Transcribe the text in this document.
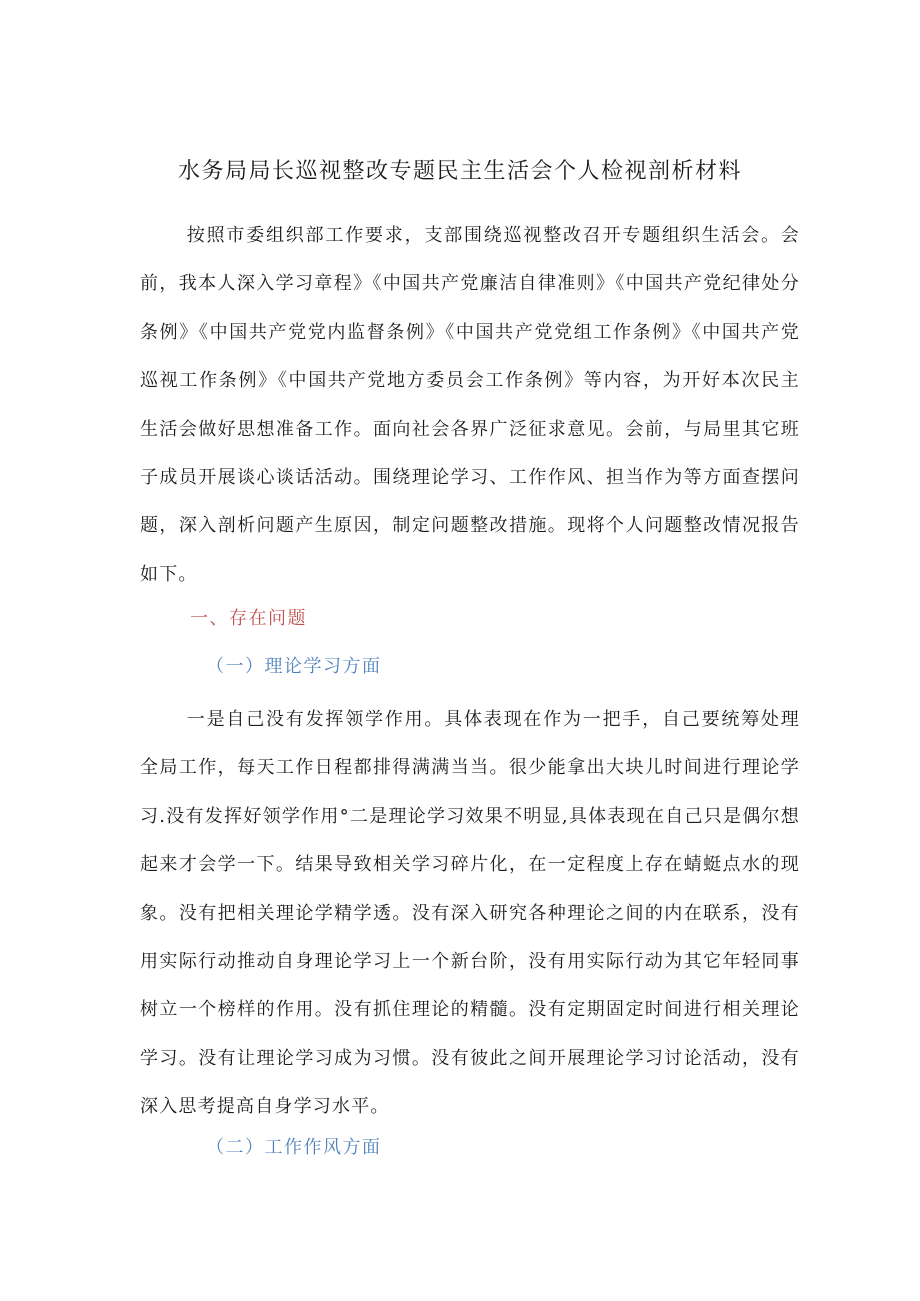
水务局局长巡视整改专题民主生活会个人检视剖析材料

按照市委组织部工作要求，支部围绕巡视整改召开专题组织生活会。会前，我本人深入学习章程》《中国共产党廉洁自律准则》《中国共产党纪律处分条例》《中国共产党党内监督条例》《中国共产党党组工作条例》《中国共产党巡视工作条例》《中国共产党地方委员会工作条例》等内容，为开好本次民主生活会做好思想准备工作。面向社会各界广泛征求意见。会前，与局里其它班子成员开展谈心谈话活动。围绕理论学习、工作作风、担当作为等方面查摆问题，深入剖析问题产生原因，制定问题整改措施。现将个人问题整改情况报告如下。

一、存在问题
（一）理论学习方面

一是自己没有发挥领学作用。具体表现在作为一把手，自己要统筹处理全局工作，每天工作日程都排得满满当当。很少能拿出大块儿时间进行理论学习.没有发挥好领学作用°二是理论学习效果不明显,具体表现在自己只是偶尔想起来才会学一下。结果导致相关学习碎片化，在一定程度上存在蜻蜓点水的现象。没有把相关理论学精学透。没有深入研究各种理论之间的内在联系，没有用实际行动推动自身理论学习上一个新台阶，没有用实际行动为其它年轻同事树立一个榜样的作用。没有抓住理论的精髓。没有定期固定时间进行相关理论学习。没有让理论学习成为习惯。没有彼此之间开展理论学习讨论活动，没有深入思考提高自身学习水平。

（二）工作作风方面
